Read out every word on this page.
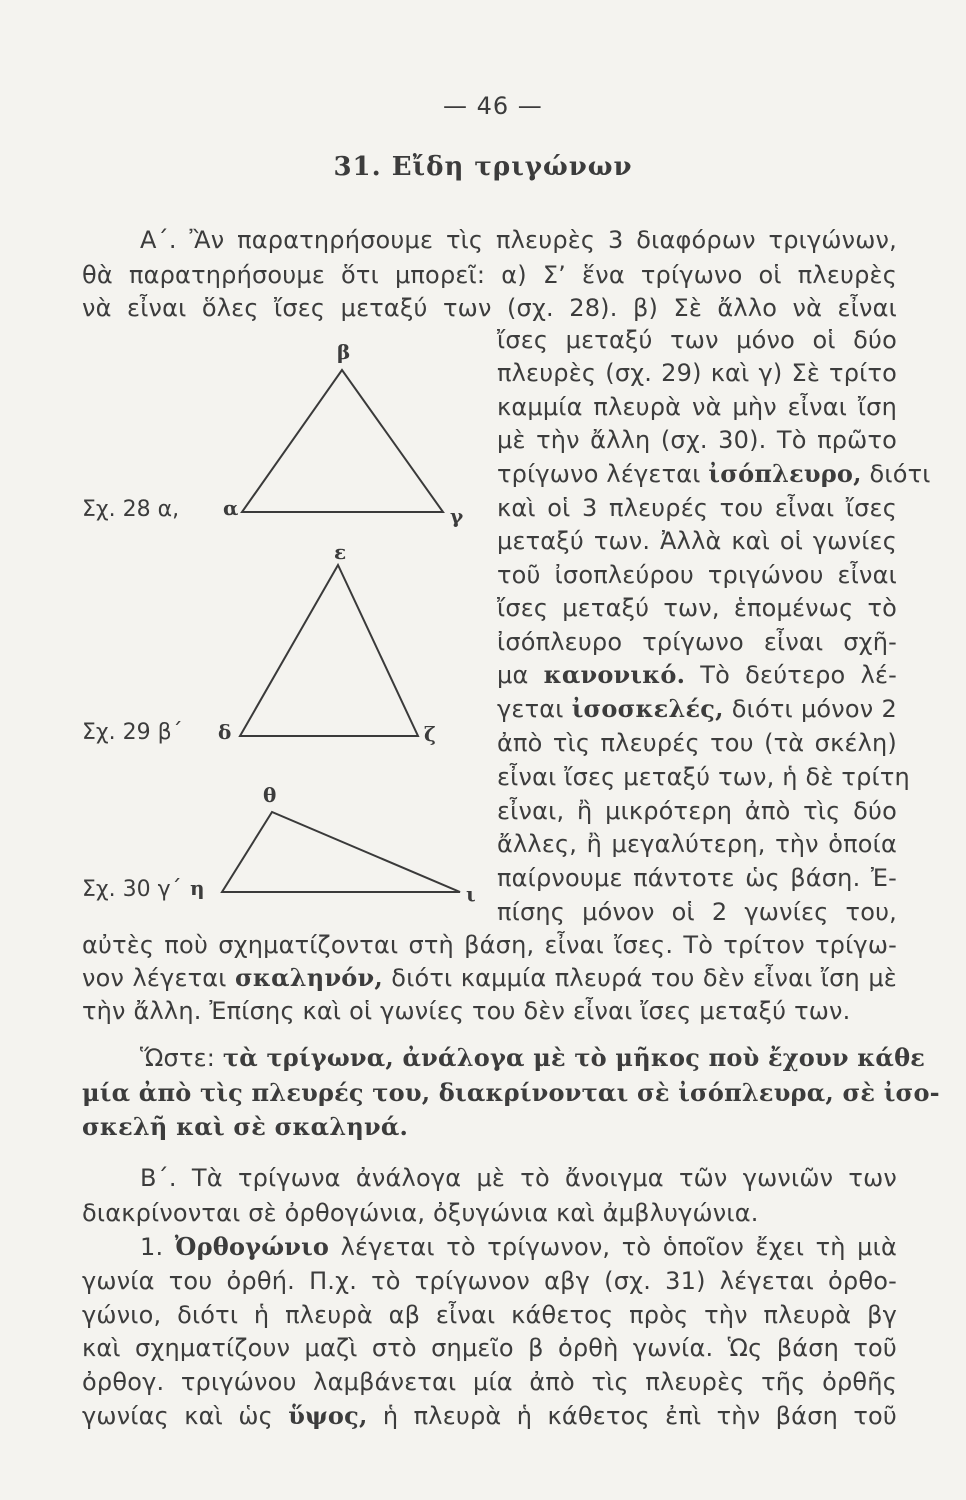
— 46 —
31. Εἴδη τριγώνων
Α΄. Ἂν παρατηρήσουμε τὶς πλευρὲς 3 διαφόρων τριγώνων,
θὰ παρατηρήσουμε ὅτι μπορεῖ: α) Σ’ ἕνα τρίγωνο οἱ πλευρὲς
νὰ εἶναι ὅλες ἴσες μεταξύ των (σχ. 28). β) Σὲ ἄλλο νὰ εἶναι
ἴσες μεταξύ των μόνο οἱ δύο
πλευρὲς (σχ. 29) καὶ γ) Σὲ τρίτο
καμμία πλευρὰ νὰ μὴν εἶναι ἴση
μὲ τὴν ἄλλη (σχ. 30). Τὸ πρῶτο
τρίγωνο λέγεται ἰσόπλευρο, διότι
καὶ οἱ 3 πλευρές του εἶναι ἴσες
μεταξύ των. Ἀλλὰ καὶ οἱ γωνίες
τοῦ ἰσοπλεύρου τριγώνου εἶναι
ἴσες μεταξύ των, ἑπομένως τὸ
ἰσόπλευρο τρίγωνο εἶναι σχῆ-
μα κανονικό. Τὸ δεύτερο λέ-
γεται ἰσοσκελές, διότι μόνον 2
ἀπὸ τὶς πλευρές του (τὰ σκέλη)
εἶναι ἴσες μεταξύ των, ἡ δὲ τρίτη
εἶναι, ἢ μικρότερη ἀπὸ τὶς δύο
ἄλλες, ἢ μεγαλύτερη, τὴν ὁποία
παίρνουμε πάντοτε ὡς βάση. Ἐ-
πίσης μόνον οἱ 2 γωνίες του,
αὐτὲς ποὺ σχηματίζονται στὴ βάση, εἶναι ἴσες. Τὸ τρίτον τρίγω-
νον λέγεται σκαληνόν, διότι καμμία πλευρά του δὲν εἶναι ἴση μὲ
τὴν ἄλλη. Ἐπίσης καὶ οἱ γωνίες του δὲν εἶναι ἴσες μεταξύ των.
Ὥστε: τὰ τρίγωνα, ἀνάλογα μὲ τὸ μῆκος ποὺ ἔχουν κάθε
μία ἀπὸ τὶς πλευρές του, διακρίνονται σὲ ἰσόπλευρα, σὲ ἰσο-
σκελῆ καὶ σὲ σκαληνά.
Β΄. Τὰ τρίγωνα ἀνάλογα μὲ τὸ ἄνοιγμα τῶν γωνιῶν των
διακρίνονται σὲ ὀρθογώνια, ὀξυγώνια καὶ ἀμβλυγώνια.
1. Ὀρθογώνιο λέγεται τὸ τρίγωνον, τὸ ὁποῖον ἔχει τὴ μιὰ
γωνία του ὀρθή. Π.χ. τὸ τρίγωνον αβγ (σχ. 31) λέγεται ὀρθο-
γώνιο, διότι ἡ πλευρὰ αβ εἶναι κάθετος πρὸς τὴν πλευρὰ βγ
καὶ σχηματίζουν μαζὶ στὸ σημεῖο β ὀρθὴ γωνία. Ὡς βάση τοῦ
ὀρθογ. τριγώνου λαμβάνεται μία ἀπὸ τὶς πλευρὲς τῆς ὀρθῆς
γωνίας καὶ ὡς ὕψος, ἡ πλευρὰ ἡ κάθετος ἐπὶ τὴν βάση τοῦ
Σχ. 28 α,
Σχ. 29 β΄
Σχ. 30 γ΄
β
α	γ
ε
δ	ζ
θ
η	ι
